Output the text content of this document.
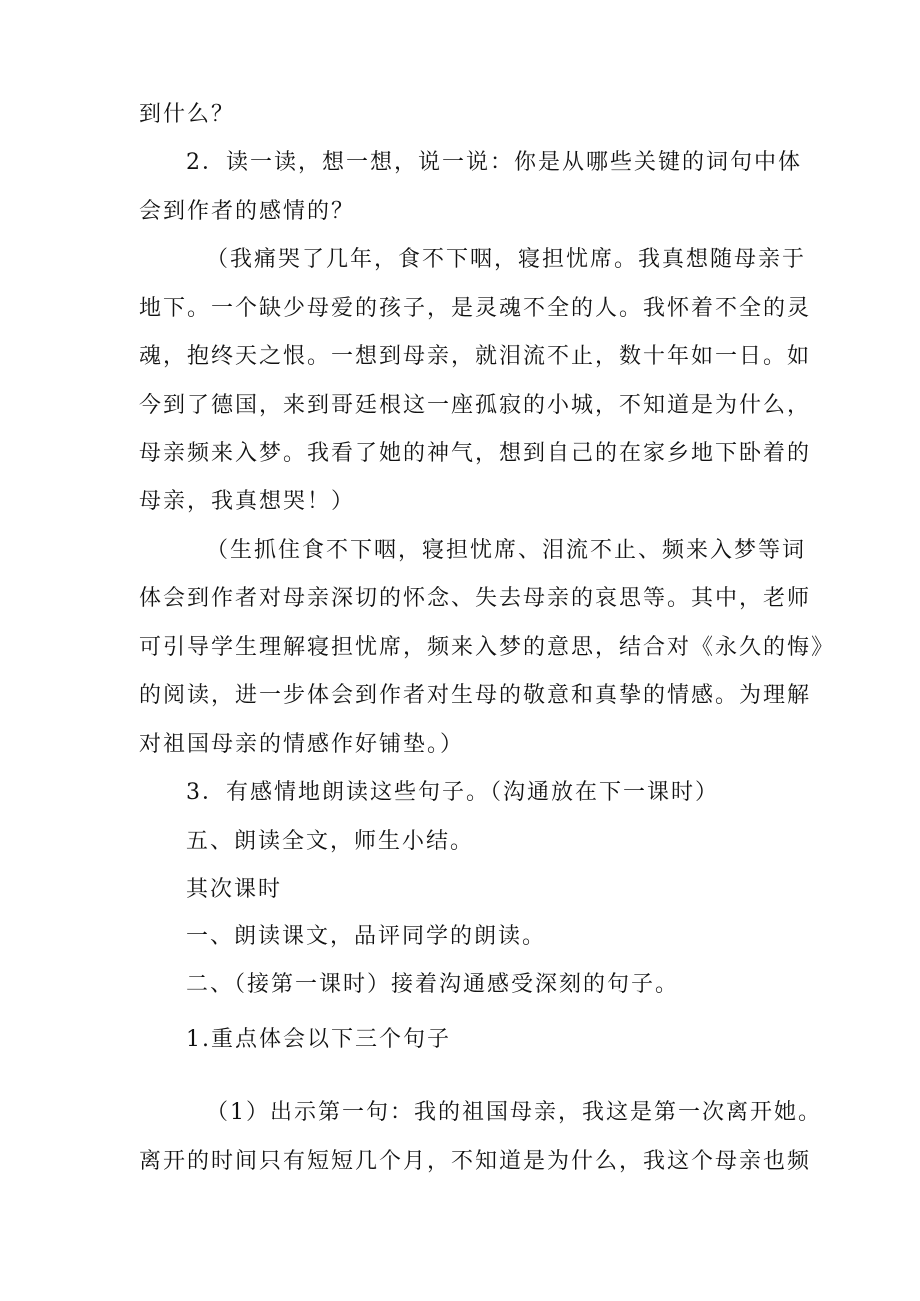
到什么？
2．读一读，想一想，说一说：你是从哪些关键的词句中体
会到作者的感情的？
（我痛哭了几年，食不下咽，寝担忧席。我真想随母亲于
地下。一个缺少母爱的孩子，是灵魂不全的人。我怀着不全的灵
魂，抱终天之恨。一想到母亲，就泪流不止，数十年如一日。如
今到了德国，来到哥廷根这一座孤寂的小城，不知道是为什么，
母亲频来入梦。我看了她的神气，想到自己的在家乡地下卧着的
母亲，我真想哭！）
（生抓住食不下咽，寝担忧席、泪流不止、频来入梦等词
体会到作者对母亲深切的怀念、失去母亲的哀思等。其中，老师
可引导学生理解寝担忧席，频来入梦的意思，结合对《永久的悔》
的阅读，进一步体会到作者对生母的敬意和真挚的情感。为理解
对祖国母亲的情感作好铺垫。）
3．有感情地朗读这些句子。（沟通放在下一课时）
五、朗读全文，师生小结。
其次课时
一、朗读课文，品评同学的朗读。
二、（接第一课时）接着沟通感受深刻的句子。
1.重点体会以下三个句子
（1）出示第一句：我的祖国母亲，我这是第一次离开她。
离开的时间只有短短几个月，不知道是为什么，我这个母亲也频
